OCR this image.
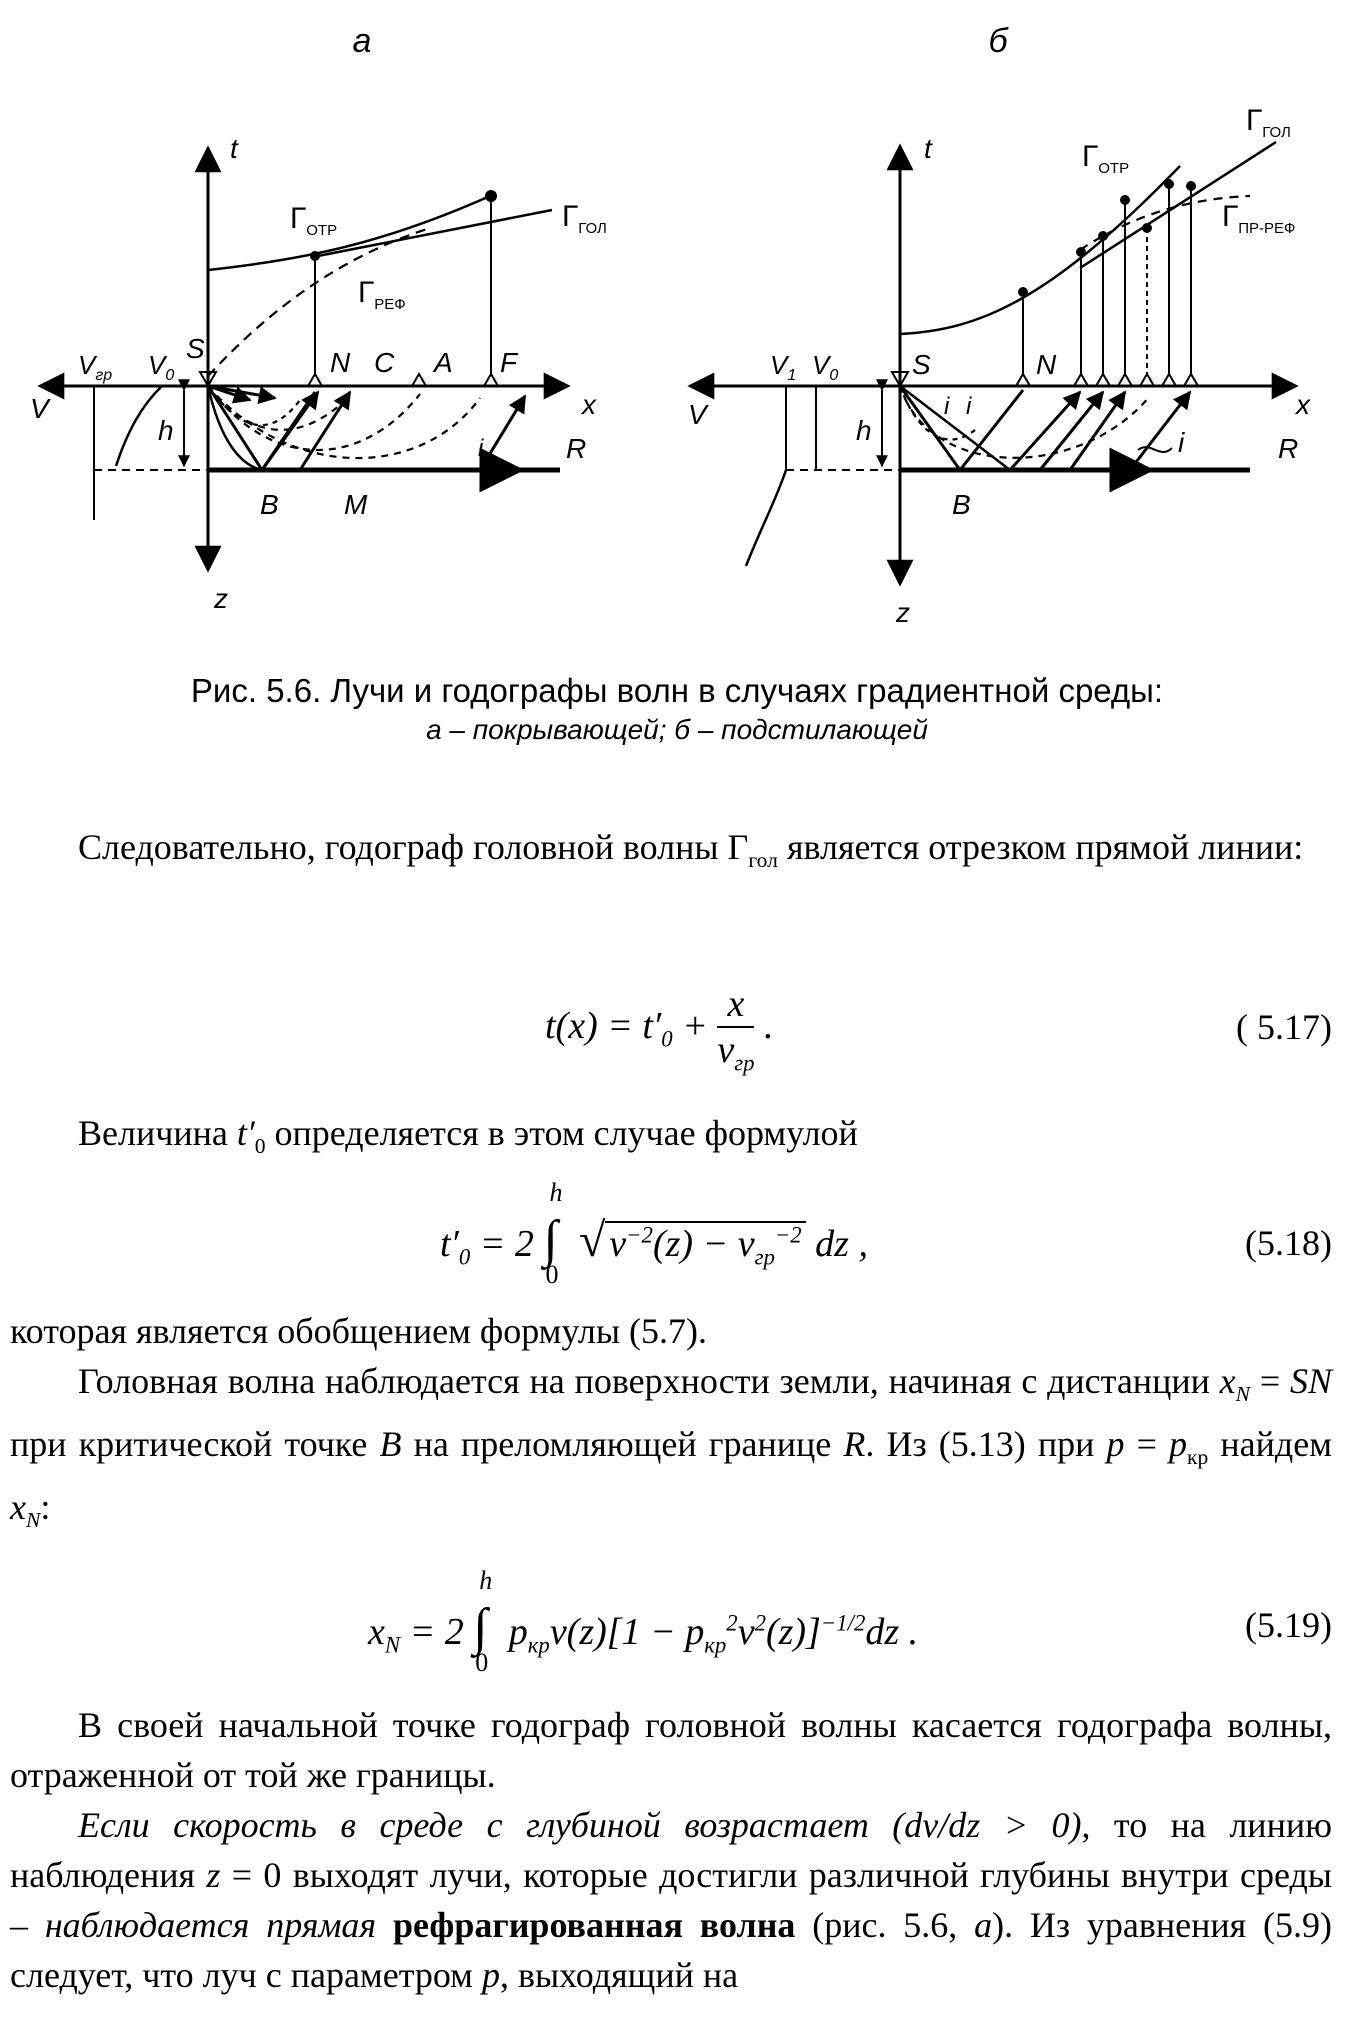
а
t
x
z
V
$V_{гр}$ $V_0$
h
R
S	N C A F
i
B M
$Г_{ОТР}$	$Г_{ГОЛ}$
$Г_{РЕФ}$
б
t
x
z
V
$V_1$ $V_0$
h
R
S	N
i i
i
B
$Г_{ОТР}$
$Г_{ГОЛ}$
$Г_{ПР-РЕФ}$
Рис. 5.6. Лучи и годографы волн в случаях градиентной среды:
а – покрывающей; б – подстилающей
Следовательно, годограф головной волны $Г_{гол}$ является отрезком прямой линии:
$t(x) = t'_0$ +
x
$v_{гр}$
.	( 5.17)
Величина $t'_0$ определяется в этом случае формулой
$t'_0 = 2$
h
∫
0
√ $v^{-2}(z) - v_{гр}^{-2}$ dz ,	(5.18)
которая является обобщением формулы (5.7).
Головная волна наблюдается на поверхности земли, начиная с дистанции $x_N$ = SN при критической точке B на преломляющей границе R. Из (5.13) при $p = p_{кр}$ найдем $x_N$:
$x_N = 2$
h
∫
0
$p_{кр}v(z)[1 - p_{кр}^2v^2(z)]^{-1/2}dz$ .	(5.19)
В своей начальной точке годограф головной волны касается годографа волны, отраженной от той же границы.
Если скорость в среде с глубиной возрастает (dv/dz > 0), то на линию наблюдения z = 0 выходят лучи, которые достигли различной глубины внутри среды – наблюдается прямая рефрагированная волна (рис. 5.6, а). Из уравнения (5.9) следует, что луч с параметром p, выходящий на
